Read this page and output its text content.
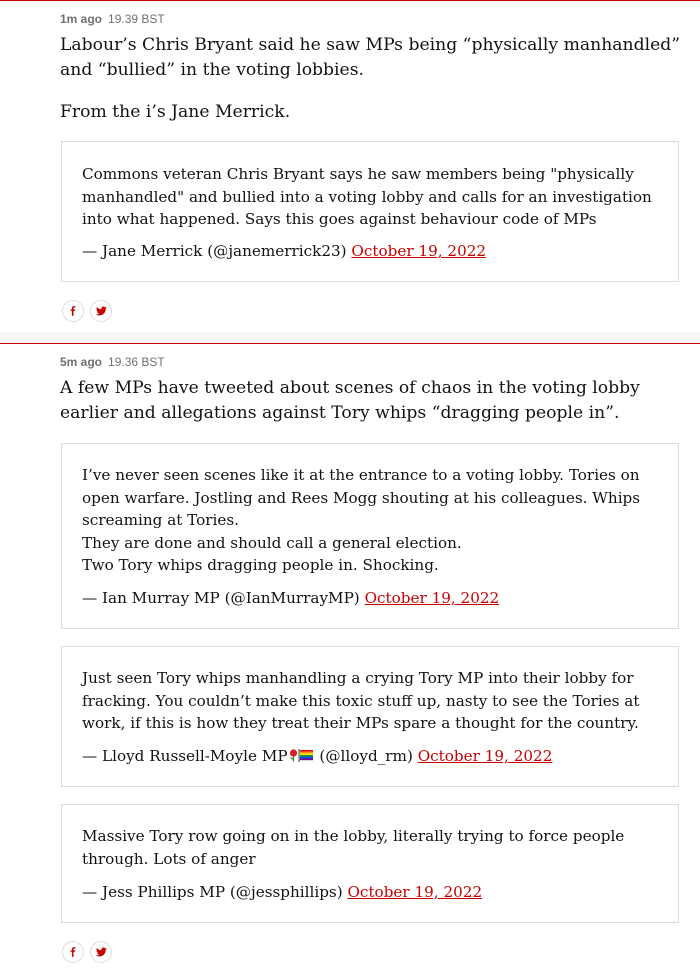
1m ago 19.39 BST

Labour’s Chris Bryant said he saw MPs being “physically manhandled” and “bullied” in the voting lobbies.

From the i’s Jane Merrick.

Commons veteran Chris Bryant says he saw members being "physically manhandled" and bullied into a voting lobby and calls for an investigation into what happened. Says this goes against behaviour code of MPs

— Jane Merrick (@janemerrick23) October 19, 2022
5m ago 19.36 BST

A few MPs have tweeted about scenes of chaos in the voting lobby earlier and allegations against Tory whips “dragging people in”.

I’ve never seen scenes like it at the entrance to a voting lobby. Tories on open warfare. Jostling and Rees Mogg shouting at his colleagues. Whips screaming at Tories.

They are done and should call a general election.

Two Tory whips dragging people in. Shocking.

— Ian Murray MP (@IanMurrayMP) October 19, 2022

Just seen Tory whips manhandling a crying Tory MP into their lobby for fracking. You couldn’t make this toxic stuff up, nasty to see the Tories at work, if this is how they treat their MPs spare a thought for the country.

— Lloyd Russell-Moyle MP (@lloyd_rm) October 19, 2022

Massive Tory row going on in the lobby, literally trying to force people through. Lots of anger

— Jess Phillips MP (@jessphillips) October 19, 2022
